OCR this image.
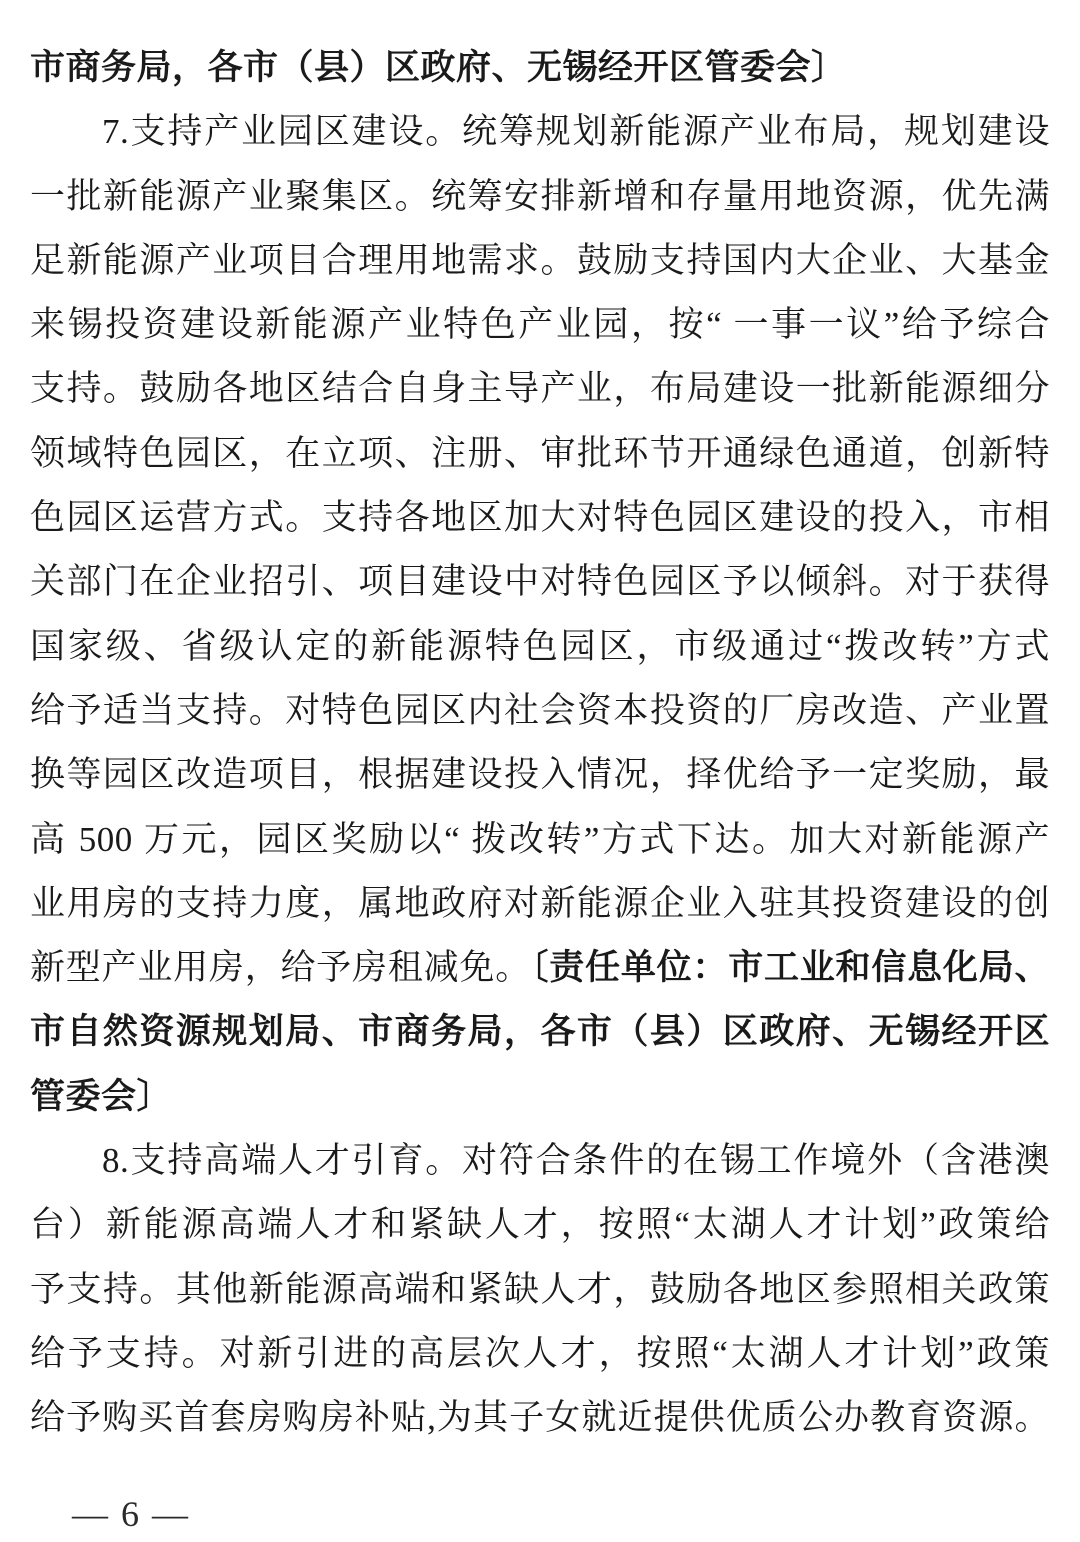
市商务局，各市（县）区政府、无锡经开区管委会〕
7.支持产业园区建设。统筹规划新能源产业布局，规划建设
一批新能源产业聚集区。统筹安排新增和存量用地资源，优先满
足新能源产业项目合理用地需求。鼓励支持国内大企业、大基金
来锡投资建设新能源产业特色产业园，按“ 一事一议”给予综合
支持。鼓励各地区结合自身主导产业，布局建设一批新能源细分
领域特色园区，在立项、注册、审批环节开通绿色通道，创新特
色园区运营方式。支持各地区加大对特色园区建设的投入，市相
关部门在企业招引、项目建设中对特色园区予以倾斜。对于获得
国家级、省级认定的新能源特色园区，市级通过“拨改转”方式
给予适当支持。对特色园区内社会资本投资的厂房改造、产业置
换等园区改造项目，根据建设投入情况，择优给予一定奖励，最
高 500 万元，园区奖励以“ 拨改转”方式下达。加大对新能源产
业用房的支持力度，属地政府对新能源企业入驻其投资建设的创
新型产业用房，给予房租减免。〔责任单位：市工业和信息化局、
市自然资源规划局、市商务局，各市（县）区政府、无锡经开区
管委会〕
8.支持高端人才引育。对符合条件的在锡工作境外（含港澳
台）新能源高端人才和紧缺人才，按照“太湖人才计划”政策给
予支持。其他新能源高端和紧缺人才，鼓励各地区参照相关政策
给予支持。对新引进的高层次人才，按照“太湖人才计划”政策
给予购买首套房购房补贴,为其子女就近提供优质公办教育资源。
— 6 —
